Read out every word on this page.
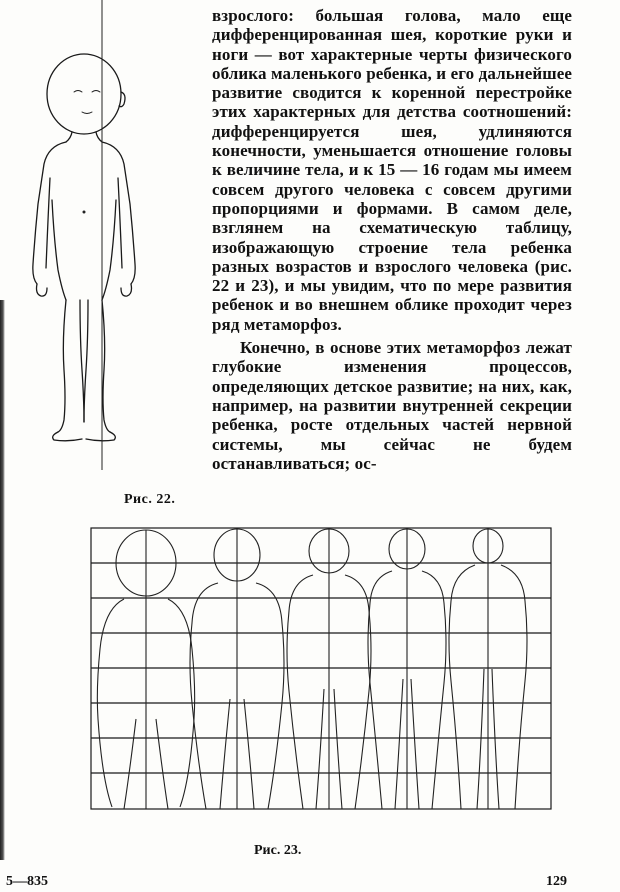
Рис. 22.

взрослого: большая голова, мало еще дифференцированная шея, короткие руки и ноги — вот характерные черты физического облика маленького ребенка, и его дальнейшее развитие сводится к коренной перестройке этих характерных для детства соотношений: дифференцируется шея, удлиняются конечности, уменьшается отношение головы к величине тела, и к 15 — 16 годам мы имеем совсем другого человека с совсем другими пропорциями и формами. В самом деле, взглянем на схематическую таблицу, изображающую строение тела ребенка разных возрастов и взрослого человека (рис. 22 и 23), и мы увидим, что по мере развития ребенок и во внешнем облике проходит через ряд метаморфоз.

Конечно, в основе этих метаморфоз лежат глубокие изменения процессов, определяющих детское развитие; на них, как, например, на развитии внутренней секреции ребенка, росте отдельных частей нервной системы, мы сейчас не будем останавливаться; ос-

Рис. 23.
5—835	129
